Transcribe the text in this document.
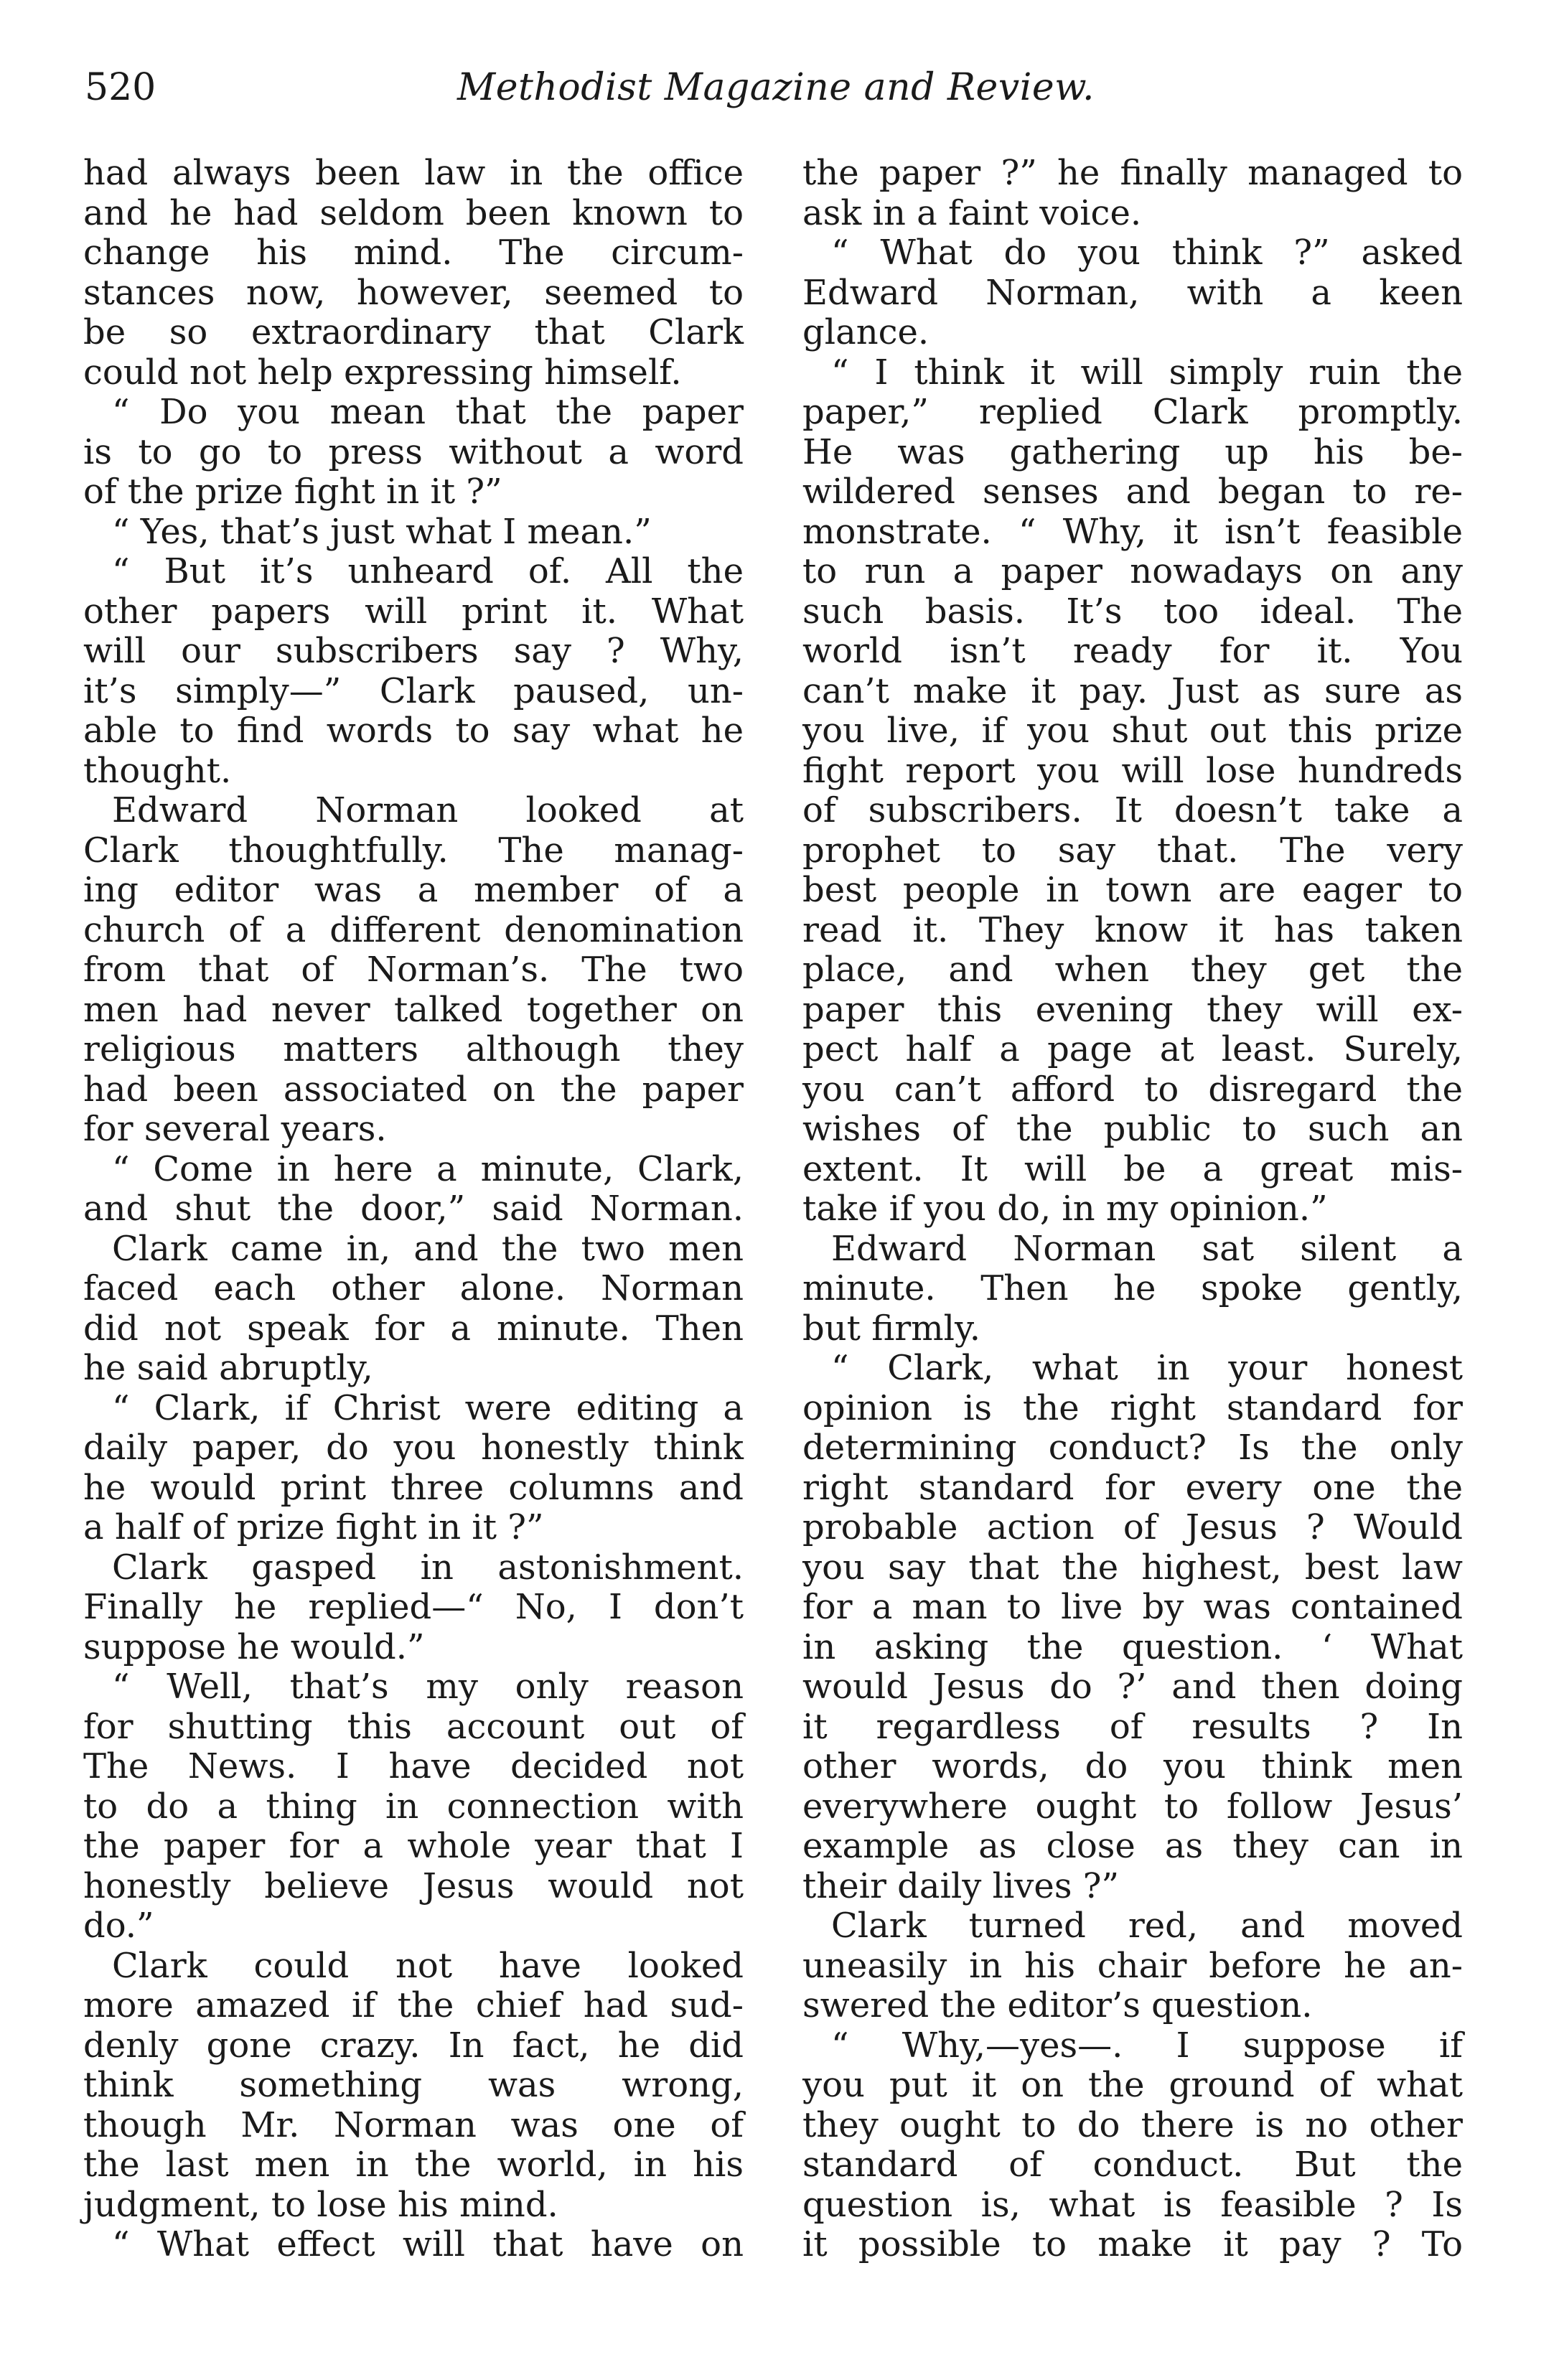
520	Methodist Magazine and Review.
had always been law in the office
and he had seldom been known to
change his mind. The circum-
stances now, however, seemed to
be so extraordinary that Clark
could not help expressing himself.
“ Do you mean that the paper
is to go to press without a word
of the prize fight in it ?”
“ Yes, that’s just what I mean.”
“ But it’s unheard of. All the
other papers will print it. What
will our subscribers say ? Why,
it’s simply—” Clark paused, un-
able to find words to say what he
thought.
Edward Norman looked at
Clark thoughtfully. The manag-
ing editor was a member of a
church of a different denomination
from that of Norman’s. The two
men had never talked together on
religious matters although they
had been associated on the paper
for several years.
“ Come in here a minute, Clark,
and shut the door,” said Norman.
Clark came in, and the two men
faced each other alone. Norman
did not speak for a minute. Then
he said abruptly,
“ Clark, if Christ were editing a
daily paper, do you honestly think
he would print three columns and
a half of prize fight in it ?”
Clark gasped in astonishment.
Finally he replied—“ No, I don’t
suppose he would.”
“ Well, that’s my only reason
for shutting this account out of
The News. I have decided not
to do a thing in connection with
the paper for a whole year that I
honestly believe Jesus would not
do.”
Clark could not have looked
more amazed if the chief had sud-
denly gone crazy. In fact, he did
think something was wrong,
though Mr. Norman was one of
the last men in the world, in his
judgment, to lose his mind.
“ What effect will that have on
the paper ?” he finally managed to
ask in a faint voice.
“ What do you think ?” asked
Edward Norman, with a keen
glance.
“ I think it will simply ruin the
paper,” replied Clark promptly.
He was gathering up his be-
wildered senses and began to re-
monstrate. “ Why, it isn’t feasible
to run a paper nowadays on any
such basis. It’s too ideal. The
world isn’t ready for it. You
can’t make it pay. Just as sure as
you live, if you shut out this prize
fight report you will lose hundreds
of subscribers. It doesn’t take a
prophet to say that. The very
best people in town are eager to
read it. They know it has taken
place, and when they get the
paper this evening they will ex-
pect half a page at least. Surely,
you can’t afford to disregard the
wishes of the public to such an
extent. It will be a great mis-
take if you do, in my opinion.”
Edward Norman sat silent a
minute. Then he spoke gently,
but firmly.
“ Clark, what in your honest
opinion is the right standard for
determining conduct? Is the only
right standard for every one the
probable action of Jesus ? Would
you say that the highest, best law
for a man to live by was contained
in asking the question. ‘ What
would Jesus do ?’ and then doing
it regardless of results ? In
other words, do you think men
everywhere ought to follow Jesus’
example as close as they can in
their daily lives ?”
Clark turned red, and moved
uneasily in his chair before he an-
swered the editor’s question.
“ Why,—yes—. I suppose if
you put it on the ground of what
they ought to do there is no other
standard of conduct. But the
question is, what is feasible ? Is
it possible to make it pay ? To
